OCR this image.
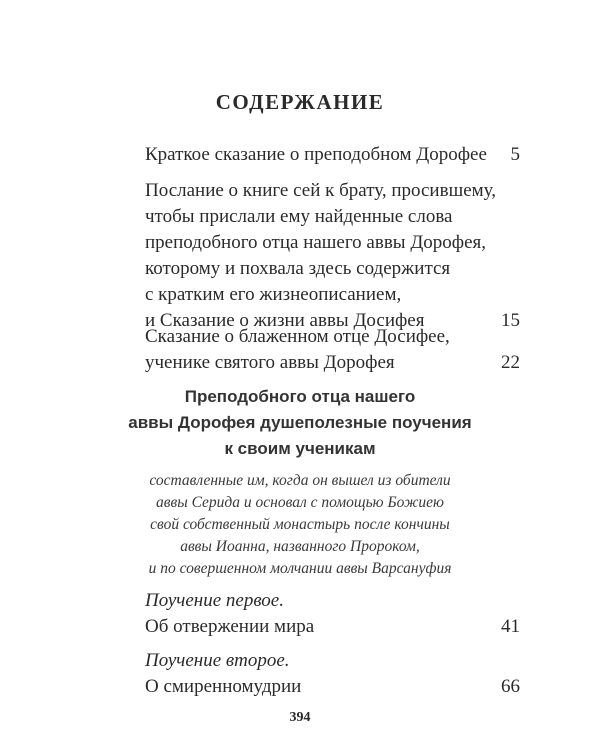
СОДЕРЖАНИЕ
Краткое сказание о преподобном Дорофее	5
Послание о книге сей к брату, просившему,
чтобы прислали ему найденные слова
преподобного отца нашего аввы Дорофея,
которому и похвала здесь содержится
с кратким его жизнеописанием,
и Сказание о жизни аввы Досифея	15
Сказание о блаженном отце Досифее,
ученике святого аввы Дорофея	22
Преподобного отца нашего
аввы Дорофея душеполезные поучения
к своим ученикам
составленные им, когда он вышел из обители
аввы Серида и основал с помощью Божиею
свой собственный монастырь после кончины
аввы Иоанна, названного Пророком,
и по совершенном молчании аввы Варсануфия
Поучение первое.
Об отвержении мира	41
Поучение второе.
О смиренномудрии	66
394
